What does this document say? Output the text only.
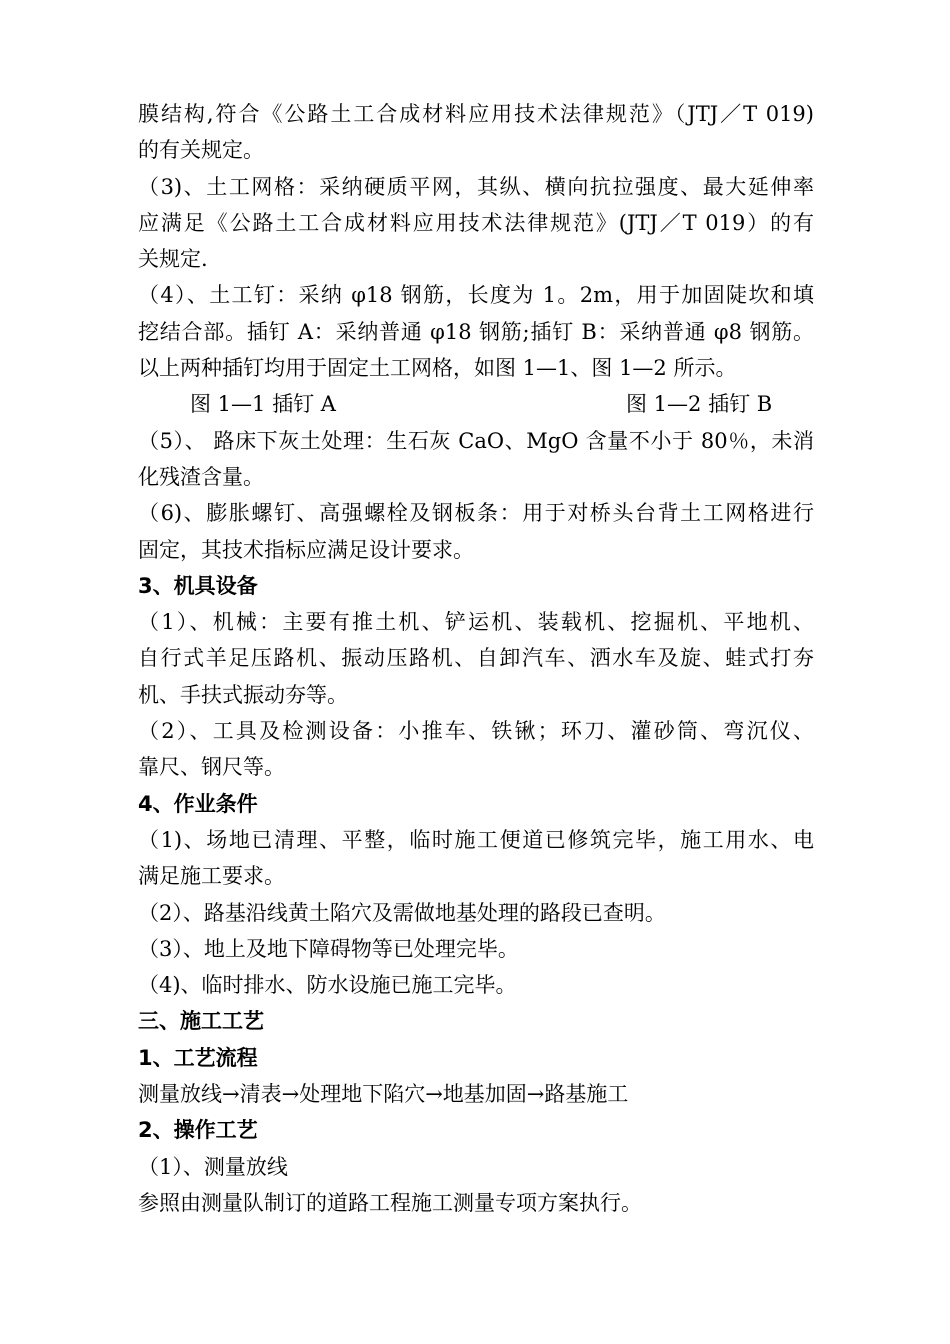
膜结构,符合《公路土工合成材料应用技术法律规范》（JTJ／T 019)
的有关规定。
（3)、土工网格：采纳硬质平网，其纵、横向抗拉强度、最大延伸率
应满足《公路土工合成材料应用技术法律规范》(JTJ／T 019）的有
关规定.
（4）、土工钉：采纳 φ18 钢筋，长度为 1。2m，用于加固陡坎和填
挖结合部。插钉 A：采纳普通 φ18 钢筋;插钉 B：采纳普通 φ8 钢筋。
以上两种插钉均用于固定土工网格，如图 1—1、图 1—2 所示。
图 1—1 插钉 A	图 1—2 插钉 B
（5）、 路床下灰土处理：生石灰 CaO、MgO 含量不小于 80％，未消
化残渣含量。
（6)、膨胀螺钉、高强螺栓及钢板条：用于对桥头台背土工网格进行
固定，其技术指标应满足设计要求。
3、机具设备
（1）、机械：主要有推土机、铲运机、装载机、挖掘机、平地机、
自行式羊足压路机、振动压路机、自卸汽车、洒水车及旋、蛙式打夯
机、手扶式振动夯等。
（2）、工具及检测设备：小推车、铁锹；环刀、灌砂筒、弯沉仪、
靠尺、钢尺等。
4、作业条件
（1)、场地已清理、平整，临时施工便道已修筑完毕，施工用水、电
满足施工要求。
（2）、路基沿线黄土陷穴及需做地基处理的路段已查明。
（3）、地上及地下障碍物等已处理完毕。
（4)、临时排水、防水设施已施工完毕。
三、施工工艺
1、工艺流程
测量放线→清表→处理地下陷穴→地基加固→路基施工
2、操作工艺
（1）、测量放线
参照由测量队制订的道路工程施工测量专项方案执行。
